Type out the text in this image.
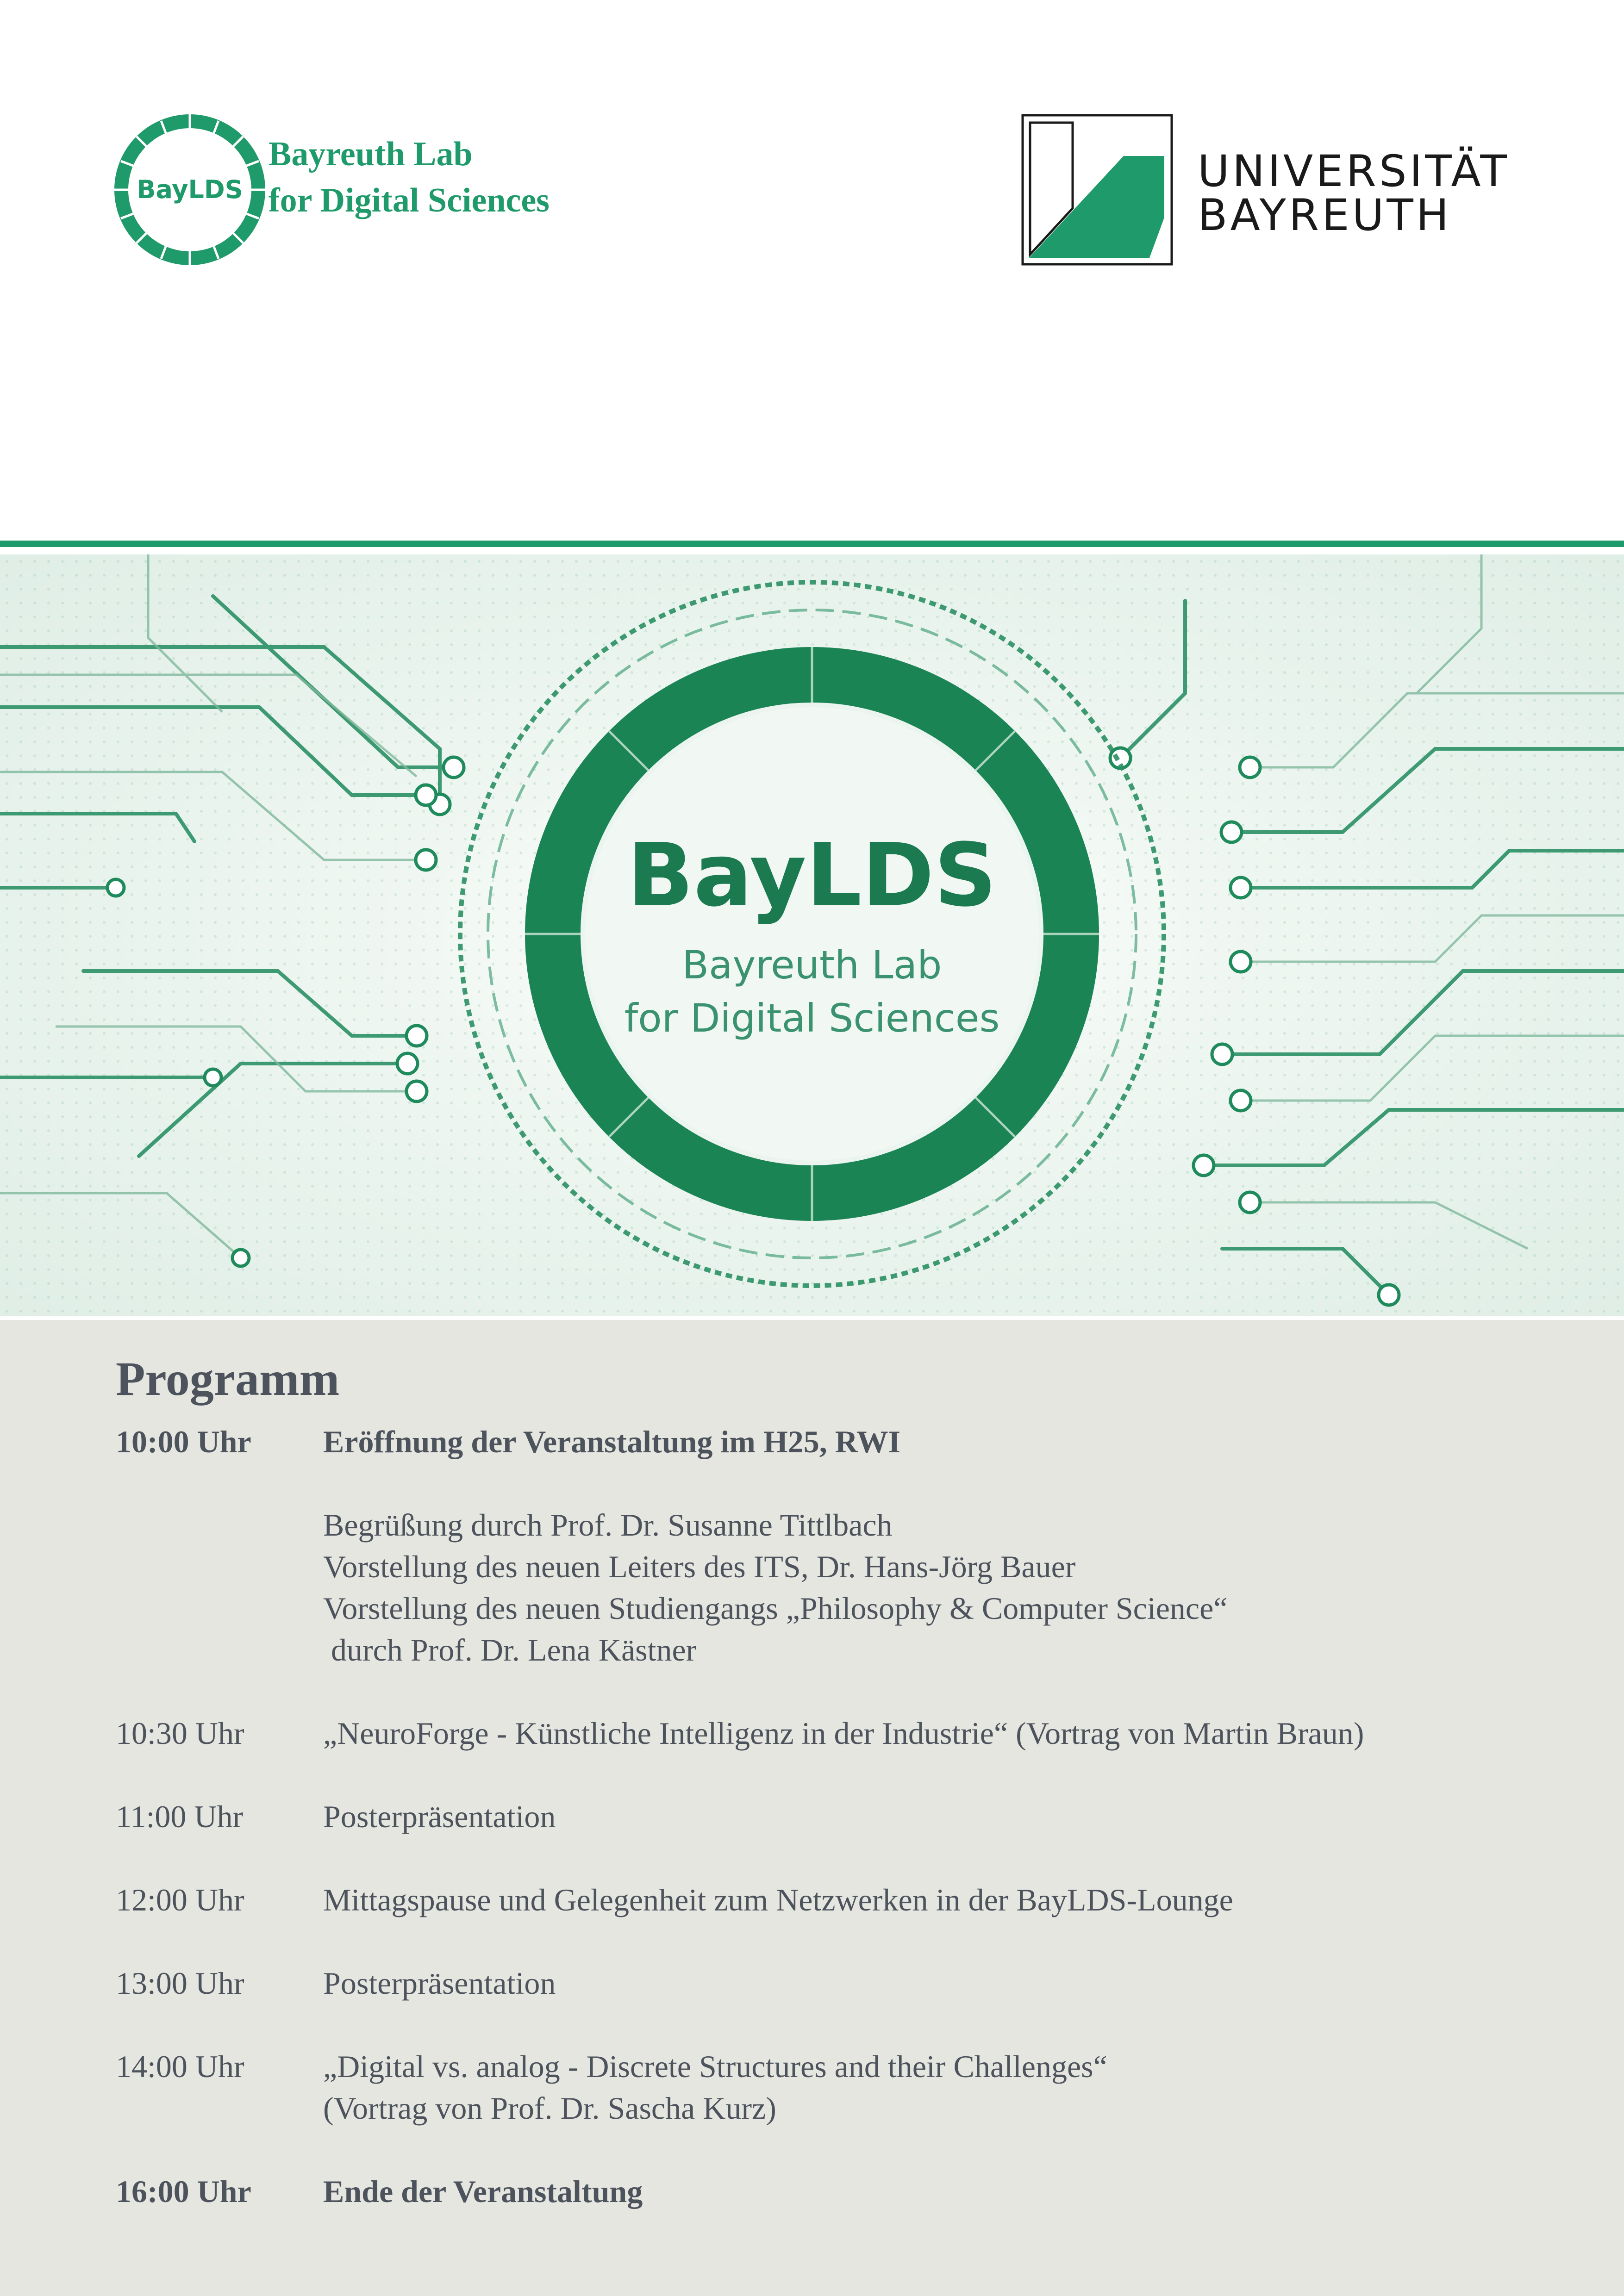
BayLDS
Bayreuth Lab
for Digital Sciences
UNIVERSITÄT
BAYREUTH
BayLDS
Bayreuth Lab
for Digital Sciences
Programm
10:00 Uhr	Eröffnung der Veranstaltung im H25, RWI
Begrüßung durch Prof. Dr. Susanne Tittlbach
Vorstellung des neuen Leiters des ITS, Dr. Hans-Jörg Bauer
Vorstellung des neuen Studiengangs „Philosophy & Computer Science“
durch Prof. Dr. Lena Kästner
10:30 Uhr	„NeuroForge - Künstliche Intelligenz in der Industrie“ (Vortrag von Martin Braun)
11:00 Uhr	Posterpräsentation
12:00 Uhr	Mittagspause und Gelegenheit zum Netzwerken in der BayLDS-Lounge
13:00 Uhr	Posterpräsentation
14:00 Uhr	„Digital vs. analog - Discrete Structures and their Challenges“
(Vortrag von Prof. Dr. Sascha Kurz)
16:00 Uhr	Ende der Veranstaltung
